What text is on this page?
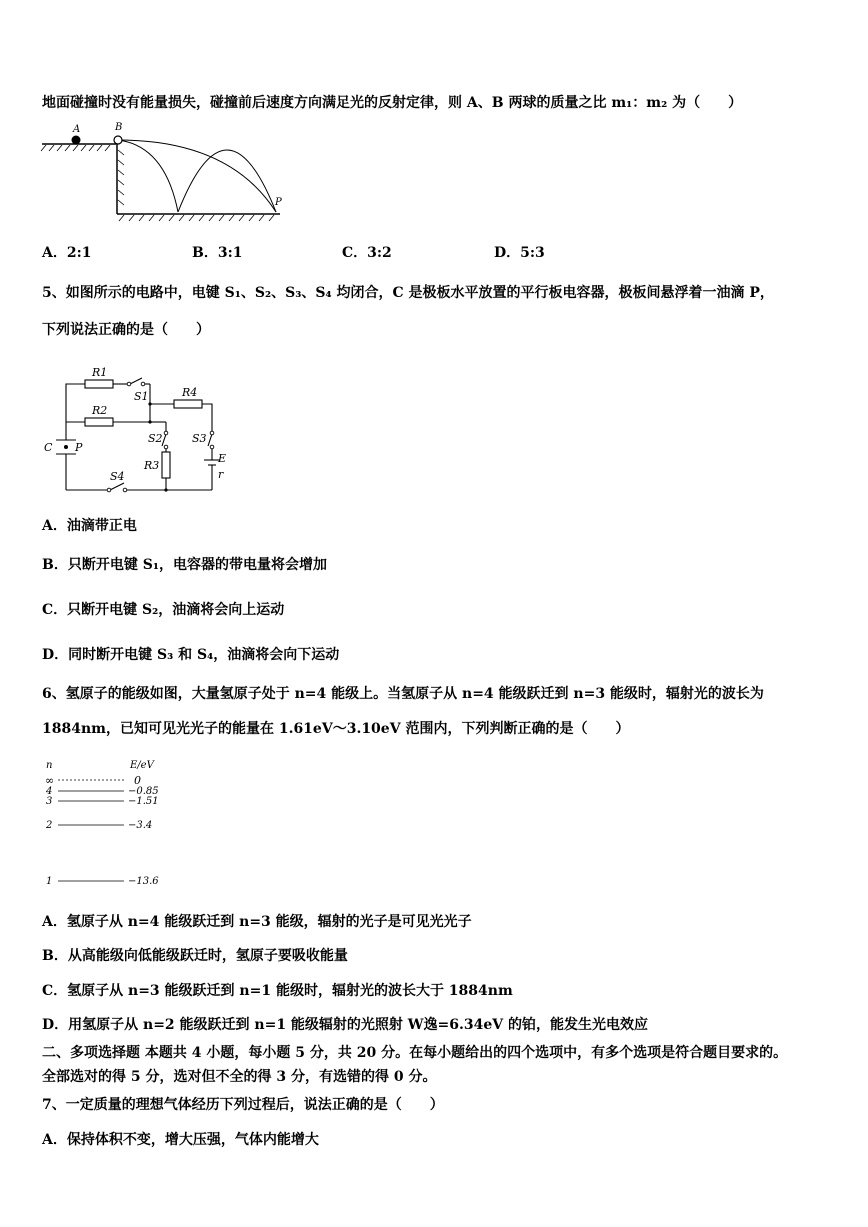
地面碰撞时没有能量损失，碰撞前后速度方向满足光的反射定律，则 A、B 两球的质量之比 m₁：m₂ 为（　　）
A	B
P
A．2:1	B．3:1	C．3:2	D．5:3
5、如图所示的电路中，电键 S₁、S₂、S₃、S₄ 均闭合，C 是极板水平放置的平行板电容器，极板间悬浮着一油滴 P，
下列说法正确的是（　　）
R1
S1
R2
R4
C P
S2	S3
R3
E
r
S4
A．油滴带正电
B．只断开电键 S₁，电容器的带电量将会增加
C．只断开电键 S₂，油滴将会向上运动
D．同时断开电键 S₃ 和 S₄，油滴将会向下运动
6、氢原子的能级如图，大量氢原子处于 n=4 能级上。当氢原子从 n=4 能级跃迁到 n=3 能级时，辐射光的波长为
1884nm，已知可见光光子的能量在 1.61eV～3.10eV 范围内，下列判断正确的是（　　）
n	E/eV
∞	0
4	−0.85
3	−1.51
2	−3.4
1	−13.6
A．氢原子从 n=4 能级跃迁到 n=3 能级，辐射的光子是可见光光子
B．从高能级向低能级跃迁时，氢原子要吸收能量
C．氢原子从 n=3 能级跃迁到 n=1 能级时，辐射光的波长大于 1884nm
D．用氢原子从 n=2 能级跃迁到 n=1 能级辐射的光照射 W逸=6.34eV 的铂，能发生光电效应
二、多项选择题 本题共 4 小题，每小题 5 分，共 20 分。在每小题给出的四个选项中，有多个选项是符合题目要求的。
全部选对的得 5 分，选对但不全的得 3 分，有选错的得 0 分。
7、一定质量的理想气体经历下列过程后，说法正确的是（　　）
A．保持体积不变，增大压强，气体内能增大
